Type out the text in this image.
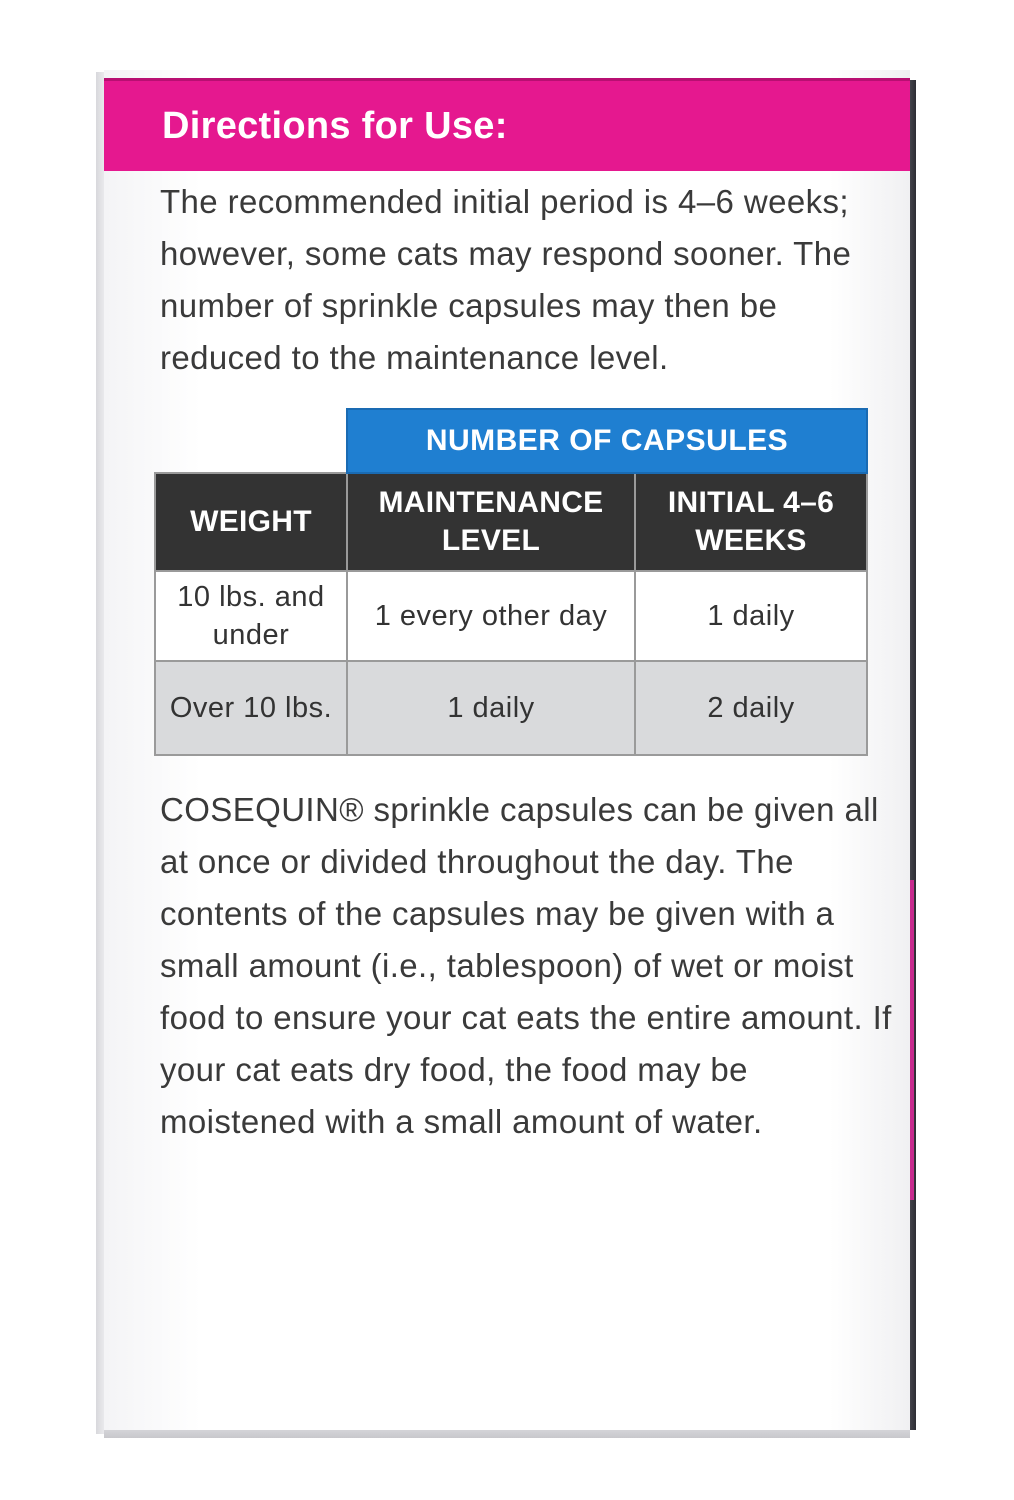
Directions for Use:
The recommended initial period is 4–6 weeks; however, some cats may respond sooner. The number of sprinkle capsules may then be reduced to the maintenance level.
	NUMBER OF CAPSULES	
WEIGHT	MAINTENANCE LEVEL	INITIAL 4–6 WEEKS
10 lbs. and under	1 every other day	1 daily
Over 10 lbs.	1 daily	2 daily
COSEQUIN® sprinkle capsules can be given all at once or divided throughout the day. The contents of the capsules may be given with a small amount (i.e., tablespoon) of wet or moist food to ensure your cat eats the entire amount. If your cat eats dry food, the food may be moistened with a small amount of water.
